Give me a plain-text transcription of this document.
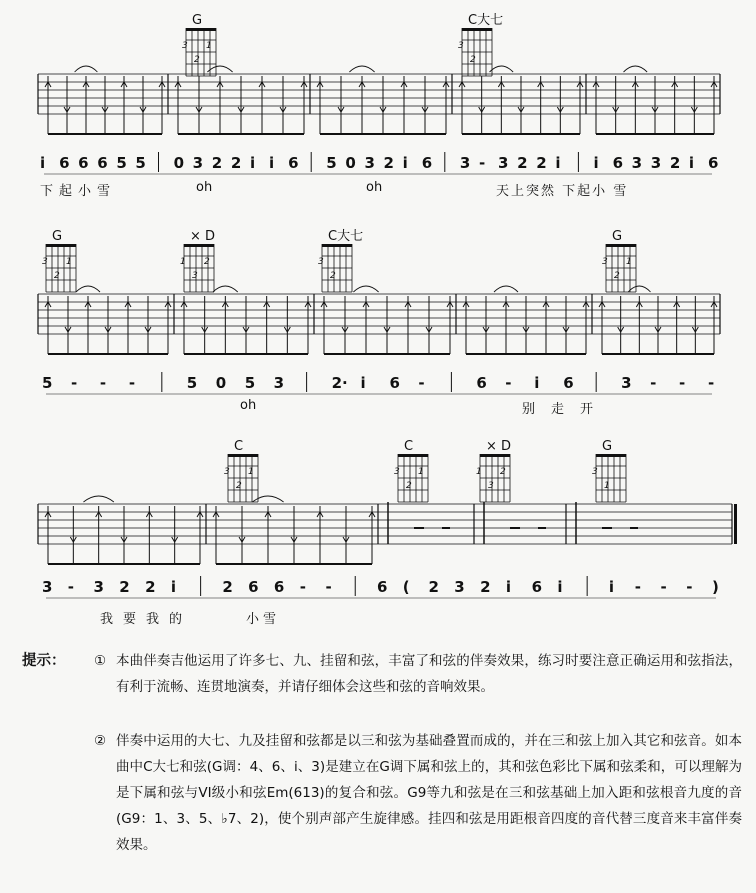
G
3
2
1
C大七
3
2
i 6 6 6 5 5 0 3 2 2 i i 6 5 0 3 2 i 6 3 - 3 2 2 i i 6 3 3 2 i 6
下起小雪	oh	oh	天上突然 下起小 雪
G
3
2
1
× D
1
3
2
C大七
3
2
G
3
2
1
5 - - -	5 0 5 3	2· i 6 -	6 - i 6	3 - - -
oh	别走开
C
3
2
1
C
3
2
1
× D
1
3
2
G
3
1
3 - 3 2 2 i	2 6 6 - -	6 ( 2 3 2 i 6 i	i - - - )
我要我的	小雪
提示： ① 本曲伴奏吉他运用了许多七、九、挂留和弦，丰富了和弦的伴奏效果，练习时要注意正确运用和弦指法，有利于流畅、连贯地演奏，并请仔细体会这些和弦的音响效果。
② 伴奏中运用的大七、九及挂留和弦都是以三和弦为基础叠置而成的，并在三和弦上加入其它和弦音。如本曲中C大七和弦(G调：4、6、i、3)是建立在G调下属和弦上的，其和弦色彩比下属和弦柔和，可以理解为是下属和弦与VI级小和弦Em(613)的复合和弦。G9等九和弦是在三和弦基础上加入距和弦根音九度的音(G9：1、3、5、♭7、2)，使个别声部产生旋律感。挂四和弦是用距根音四度的音代替三度音来丰富伴奏效果。
